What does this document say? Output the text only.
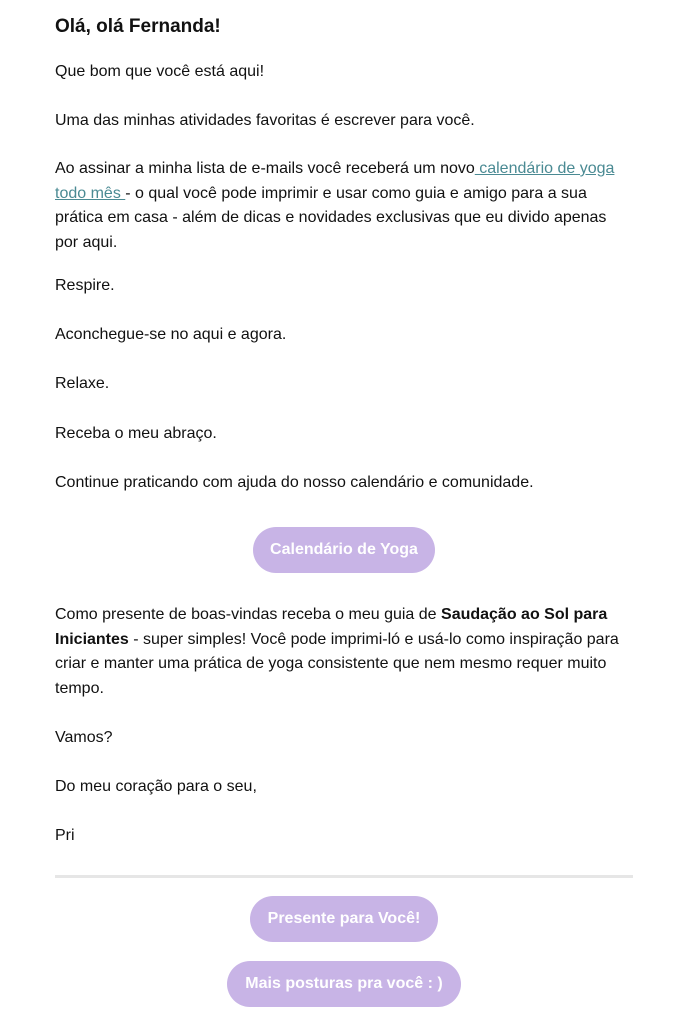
Olá, olá Fernanda!

Que bom que você está aqui!

Uma das minhas atividades favoritas é escrever para você.

Ao assinar a minha lista de e-mails você receberá um novo calendário de yoga todo mês - o qual você pode imprimir e usar como guia e amigo para a sua prática em casa - além de dicas e novidades exclusivas que eu divido apenas por aqui.

Respire.

Aconchegue-se no aqui e agora.

Relaxe.

Receba o meu abraço.

Continue praticando com ajuda do nosso calendário e comunidade.

Como presente de boas-vindas receba o meu guia de Saudação ao Sol para Iniciantes - super simples! Você pode imprimi-ló e usá-lo como inspiração para criar e manter uma prática de yoga consistente que nem mesmo requer muito tempo.

Vamos?

Do meu coração para o seu,

Pri

Calendário de Yoga
Presente para Você!
Mais posturas pra você : )
